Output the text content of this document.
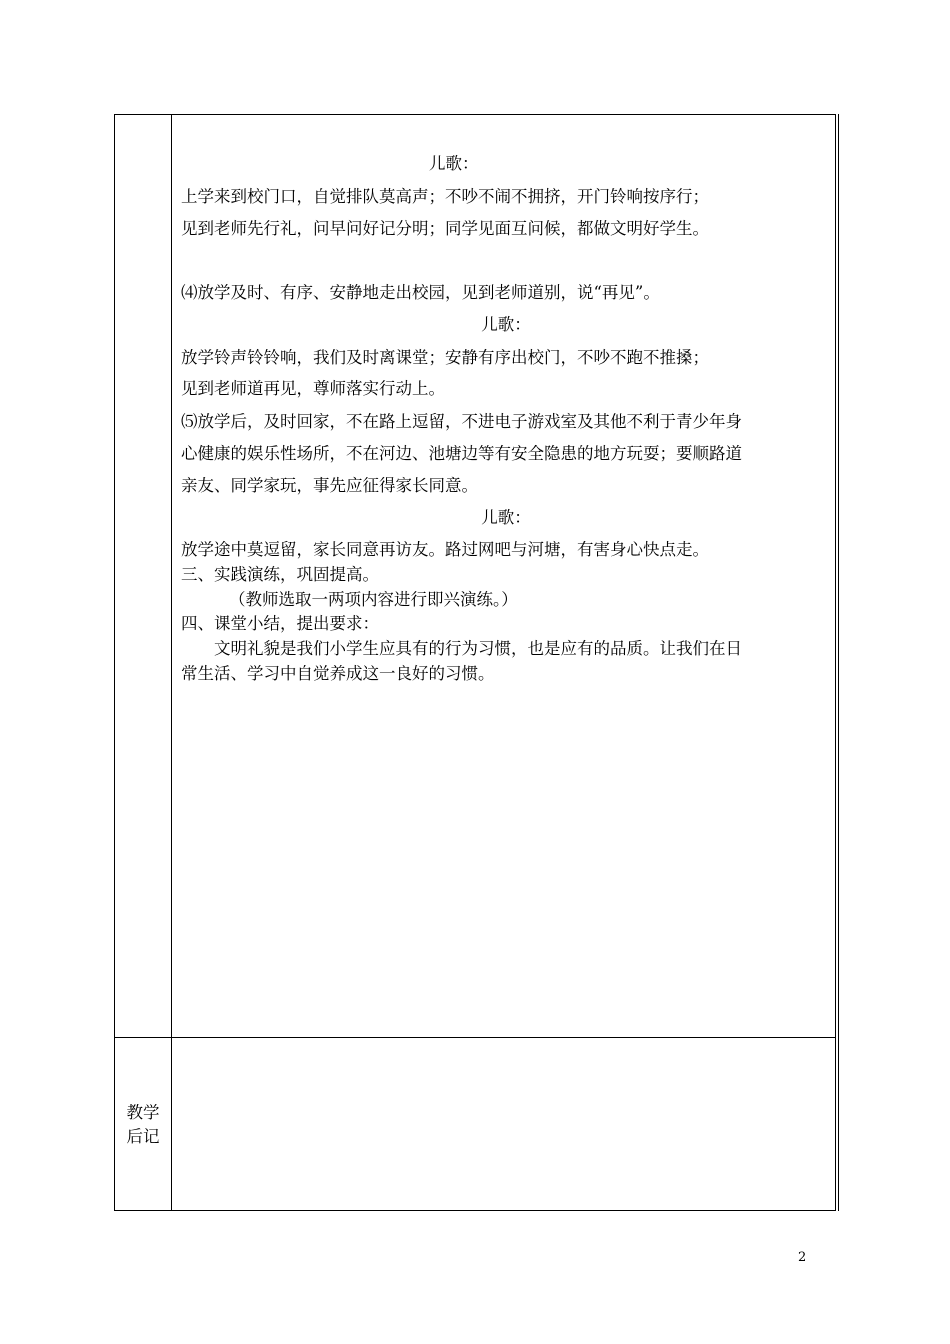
儿歌：
上学来到校门口，自觉排队莫高声；不吵不闹不拥挤，开门铃响按序行；
见到老师先行礼，问早问好记分明；同学见面互问候，都做文明好学生。
⑷放学及时、有序、安静地走出校园，见到老师道别，说“再见”。
儿歌：
放学铃声铃铃响，我们及时离课堂；安静有序出校门，不吵不跑不推搡；
见到老师道再见，尊师落实行动上。
⑸放学后，及时回家，不在路上逗留，不进电子游戏室及其他不利于青少年身
心健康的娱乐性场所，不在河边、池塘边等有安全隐患的地方玩耍；要顺路道
亲友、同学家玩，事先应征得家长同意。
儿歌：
放学途中莫逗留，家长同意再访友。路过网吧与河塘，有害身心快点走。
三、实践演练，巩固提高。
（教师选取一两项内容进行即兴演练。）
四、课堂小结，提出要求：
文明礼貌是我们小学生应具有的行为习惯，也是应有的品质。让我们在日
常生活、学习中自觉养成这一良好的习惯。
教学
后记
2
